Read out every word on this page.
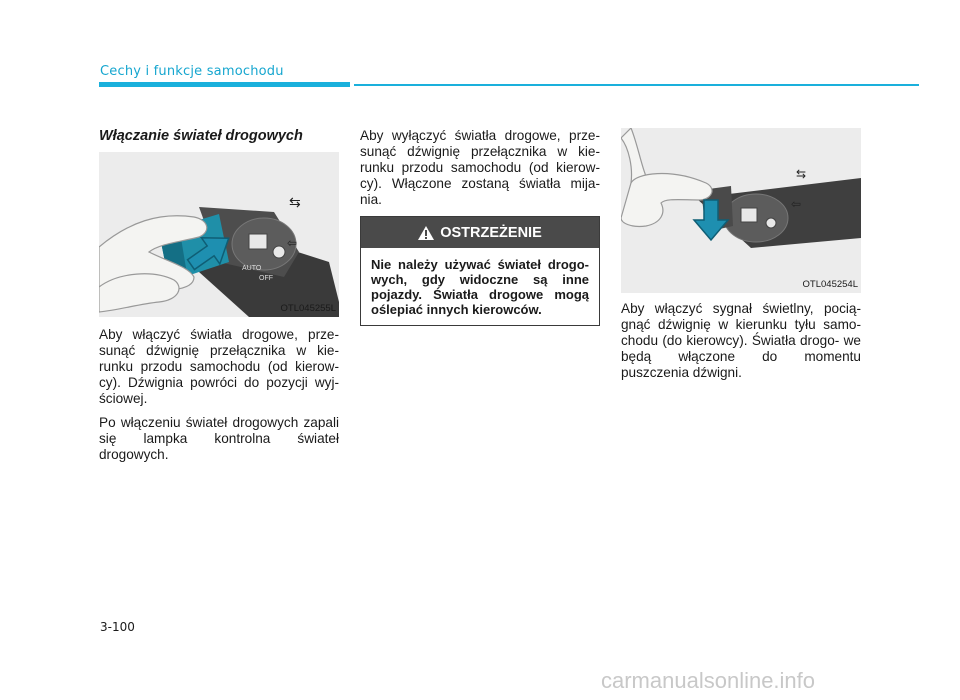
Cechy i funkcje samochodu
Włączanie świateł drogowych
AUTO
OFF
⇆
⇦
OTL045255L

Aby włączyć światła drogowe, prze- sunąć dźwignię przełącznika w kie- runku przodu samochodu (od kierow- cy). Dźwignia powróci do pozycji wyj- ściowej.

Po włączeniu świateł drogowych zapali się lampka kontrolna świateł drogowych.

Aby wyłączyć światła drogowe, prze- sunąć dźwignię przełącznika w kie- runku przodu samochodu (od kierow- cy). Włączone zostaną światła mija- nia.

OSTRZEŻENIE
Nie należy używać świateł drogo- wych, gdy widoczne są inne pojazdy. Światła drogowe mogą oślepiać innych kierowców.
⇦
⇆
OTL045254L

Aby włączyć sygnał świetlny, pocią- gnąć dźwignię w kierunku tyłu samo- chodu (do kierowcy). Światła drogo- we będą włączone do momentu puszczenia dźwigni.

3-100
carmanualsonline.info
